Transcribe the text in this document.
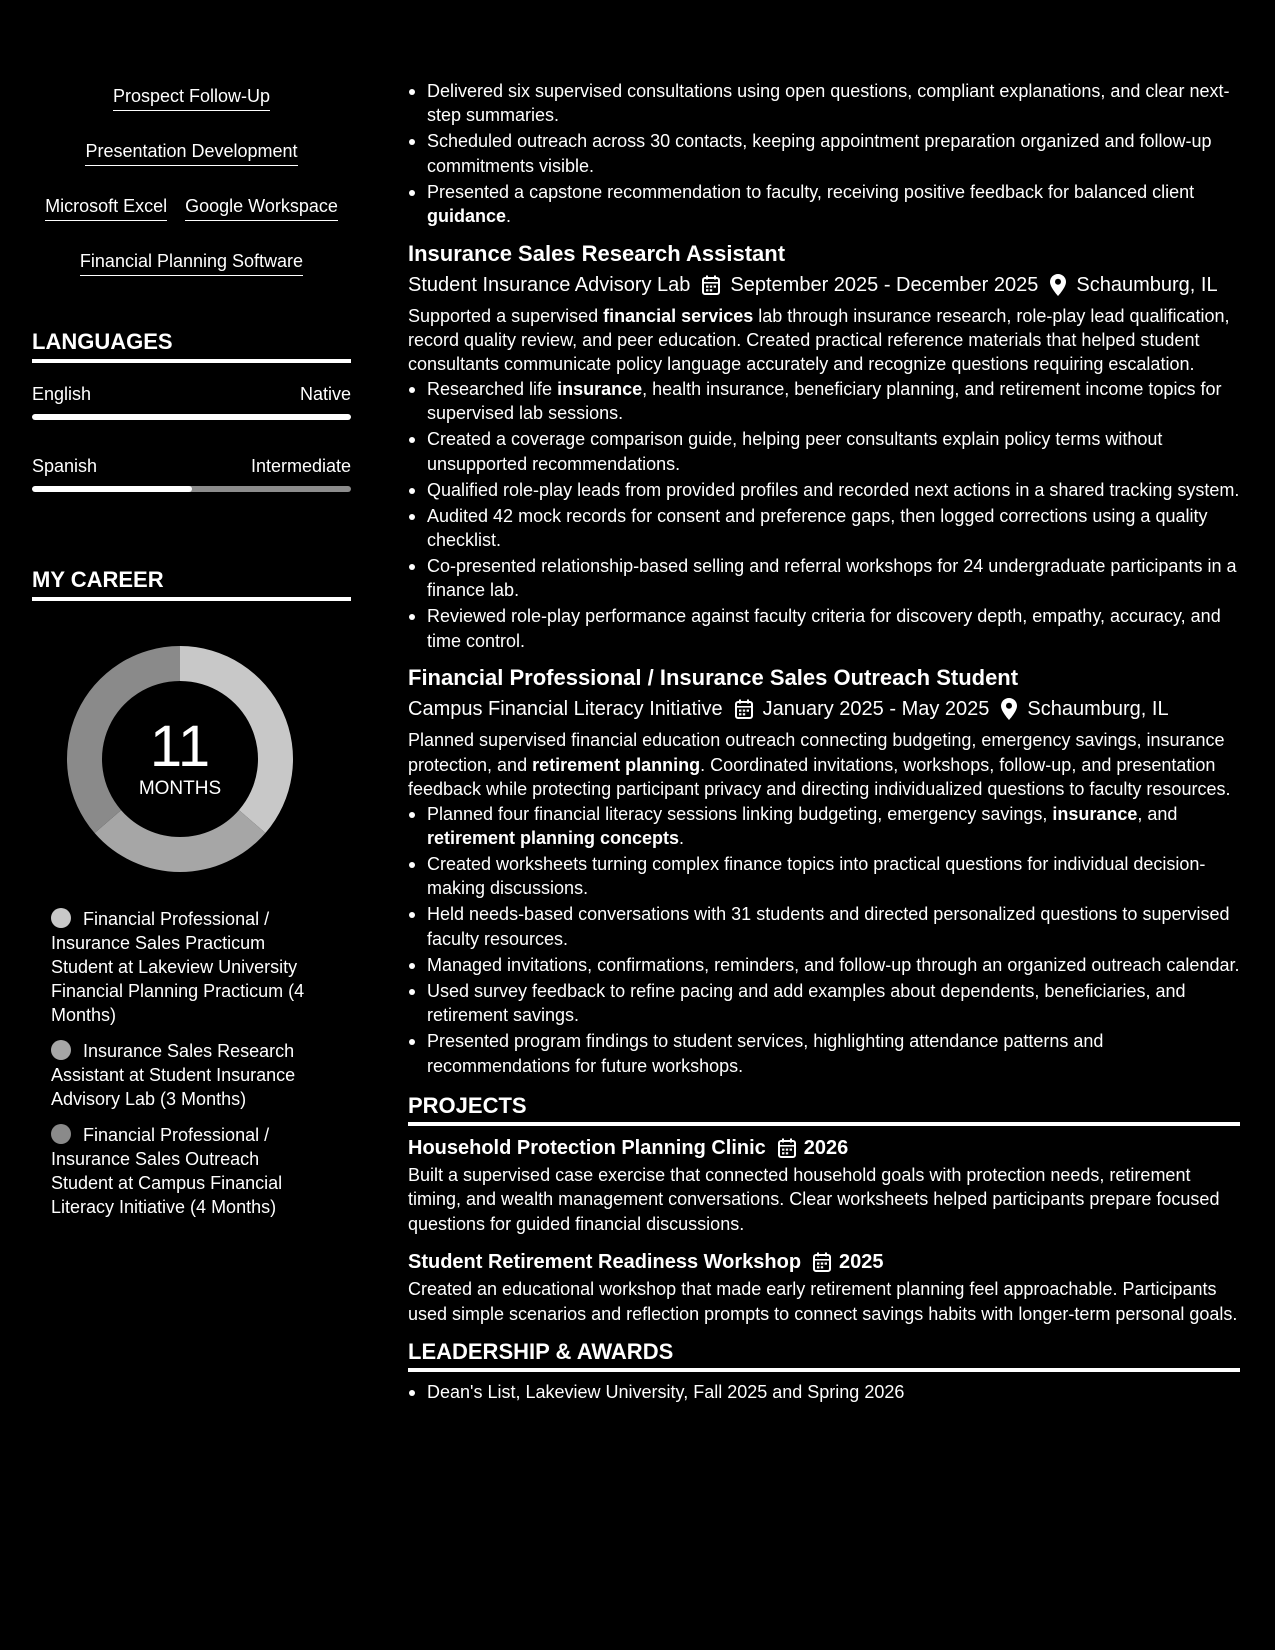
Prospect Follow-Up
Presentation Development
Microsoft Excel Google Workspace
Financial Planning Software
LANGUAGES
English	Native
Spanish	Intermediate
MY CAREER
11
MONTHS
Financial Professional / Insurance Sales Practicum Student at Lakeview University Financial Planning Practicum (4 Months)
Insurance Sales Research Assistant at Student Insurance Advisory Lab (3 Months)
Financial Professional / Insurance Sales Outreach Student at Campus Financial Literacy Initiative (4 Months)
Delivered six supervised consultations using open questions, compliant explanations, and clear next-step summaries.
Scheduled outreach across 30 contacts, keeping appointment preparation organized and follow-up commitments visible.
Presented a capstone recommendation to faculty, receiving positive feedback for balanced client guidance.
Insurance Sales Research Assistant
Student Insurance Advisory Lab September 2025 - December 2025 Schaumburg, IL

Supported a supervised financial services lab through insurance research, role-play lead qualification, record quality review, and peer education. Created practical reference materials that helped student consultants communicate policy language accurately and recognize questions requiring escalation.

Researched life insurance, health insurance, beneficiary planning, and retirement income topics for supervised lab sessions.
Created a coverage comparison guide, helping peer consultants explain policy terms without unsupported recommendations.
Qualified role-play leads from provided profiles and recorded next actions in a shared tracking system.
Audited 42 mock records for consent and preference gaps, then logged corrections using a quality checklist.
Co-presented relationship-based selling and referral workshops for 24 undergraduate participants in a finance lab.
Reviewed role-play performance against faculty criteria for discovery depth, empathy, accuracy, and time control.
Financial Professional / Insurance Sales Outreach Student
Campus Financial Literacy Initiative January 2025 - May 2025 Schaumburg, IL

Planned supervised financial education outreach connecting budgeting, emergency savings, insurance protection, and retirement planning. Coordinated invitations, workshops, follow-up, and presentation feedback while protecting participant privacy and directing individualized questions to faculty resources.

Planned four financial literacy sessions linking budgeting, emergency savings, insurance, and retirement planning concepts.
Created worksheets turning complex finance topics into practical questions for individual decision-making discussions.
Held needs-based conversations with 31 students and directed personalized questions to supervised faculty resources.
Managed invitations, confirmations, reminders, and follow-up through an organized outreach calendar.
Used survey feedback to refine pacing and add examples about dependents, beneficiaries, and retirement savings.
Presented program findings to student services, highlighting attendance patterns and recommendations for future workshops.
PROJECTS
Household Protection Planning Clinic 2026

Built a supervised case exercise that connected household goals with protection needs, retirement timing, and wealth management conversations. Clear worksheets helped participants prepare focused questions for guided financial discussions.

Student Retirement Readiness Workshop 2025

Created an educational workshop that made early retirement planning feel approachable. Participants used simple scenarios and reflection prompts to connect savings habits with longer-term personal goals.

LEADERSHIP & AWARDS
Dean's List, Lakeview University, Fall 2025 and Spring 2026
